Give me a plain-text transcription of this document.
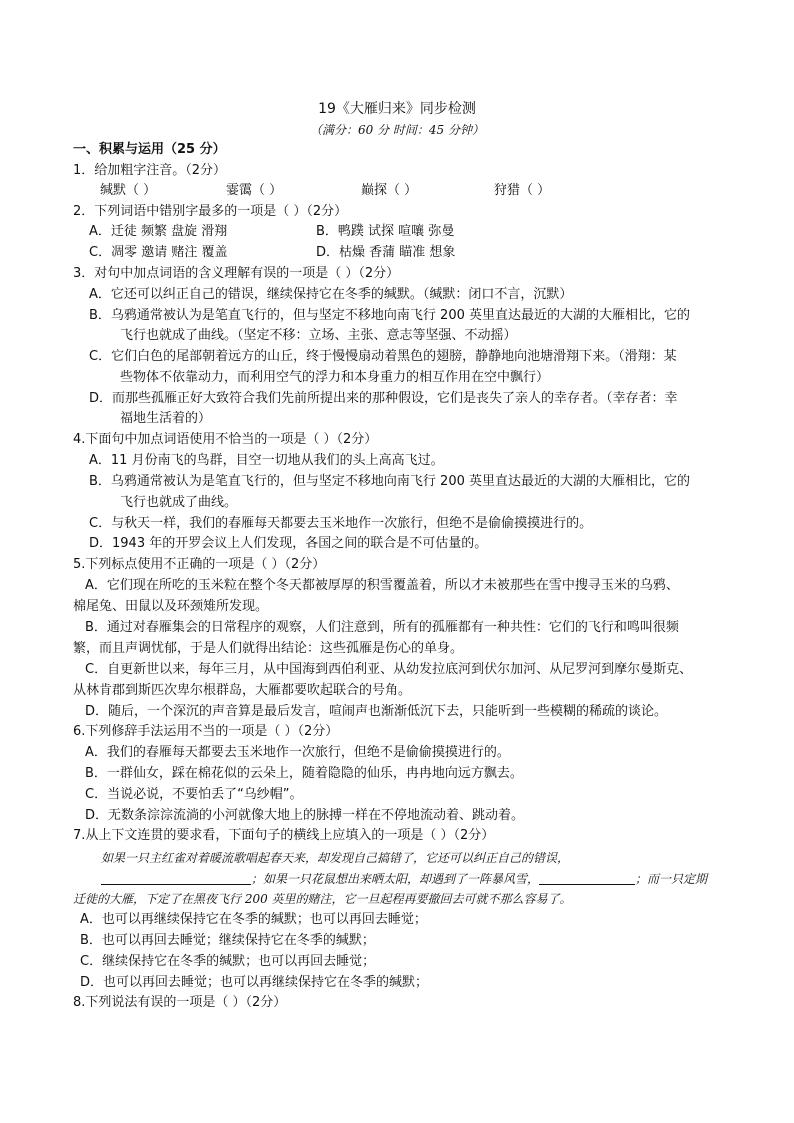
19《大雁归来》同步检测
（满分：60 分 时间：45 分钟）
一、积累与运用（25 分）
1．给加粗字注音。（2分）
缄默（ ）	霎霭（ ）	巅探（ ）	狩猎（ ）
2．下列词语中错别字最多的一项是（ ）（2分）
A．迁徒 频繁 盘旋 滑翔	B．鸭蹼 试探 喧嚷 弥曼
C．凋零 邀请 赌注 覆盖	D．枯燥 香蒲 瞄准 想象
3．对句中加点词语的含义理解有误的一项是（ ）（2分）
A．它还可以纠正自己的错误，继续保持它在冬季的缄默。（缄默：闭口不言，沉默）
B．乌鸦通常被认为是笔直飞行的，但与坚定不移地向南飞行 200 英里直达最近的大湖的大雁相比，它的
飞行也就成了曲线。（坚定不移：立场、主张、意志等坚强、不动摇）
C．它们白色的尾部朝着远方的山丘，终于慢慢扇动着黑色的翅膀，静静地向池塘滑翔下来。（滑翔：某
些物体不依靠动力，而利用空气的浮力和本身重力的相互作用在空中飘行）
D．而那些孤雁正好大致符合我们先前所提出来的那种假设，它们是丧失了亲人的幸存者。（幸存者：幸
福地生活着的）
4.下面句中加点词语使用不恰当的一项是（ ）（2分）
A．11 月份南飞的鸟群，目空一切地从我们的头上高高飞过。
B．乌鸦通常被认为是笔直飞行的，但与坚定不移地向南飞行 200 英里直达最近的大湖的大雁相比，它的
飞行也就成了曲线。
C．与秋天一样，我们的春雁每天都要去玉米地作一次旅行，但绝不是偷偷摸摸进行的。
D．1943 年的开罗会议上人们发现，各国之间的联合是不可估量的。
5.下列标点使用不正确的一项是（ ）（2分）
A．它们现在所吃的玉米粒在整个冬天都被厚厚的积雪覆盖着，所以才未被那些在雪中搜寻玉米的乌鸦、
棉尾兔、田鼠以及环颈雉所发现。
B．通过对春雁集会的日常程序的观察，人们注意到，所有的孤雁都有一种共性：它们的飞行和鸣叫很频
繁，而且声调忧郁，于是人们就得出结论：这些孤雁是伤心的单身。
C．自更新世以来，每年三月，从中国海到西伯利亚、从幼发拉底河到伏尔加河、从尼罗河到摩尔曼斯克、
从林肯郡到斯匹次卑尔根群岛，大雁都要吹起联合的号角。
D．随后，一个深沉的声音算是最后发言，喧闹声也渐渐低沉下去，只能听到一些模糊的稀疏的谈论。
6.下列修辞手法运用不当的一项是（ ）（2分）
A．我们的春雁每天都要去玉米地作一次旅行，但绝不是偷偷摸摸进行的。
B．一群仙女，踩在棉花似的云朵上，随着隐隐的仙乐，冉冉地向远方飘去。
C．当说必说，不要怕丢了“乌纱帽”。
D．无数条淙淙流淌的小河就像大地上的脉搏一样在不停地流动着、跳动着。
7.从上下文连贯的要求看，下面句子的横线上应填入的一项是（ ）（2分）
如果一只主红雀对着暖流歌唱起春天来，却发现自己搞错了，它还可以纠正自己的错误，
；如果一只花鼠想出来晒太阳，却遇到了一阵暴风雪，	；而一只定期
迁徙的大雁，下定了在黑夜飞行 200 英里的赌注，它一旦起程再要撤回去可就不那么容易了。
A．也可以再继续保持它在冬季的缄默；也可以再回去睡觉；
B．也可以再回去睡觉；继续保持它在冬季的缄默；
C．继续保持它在冬季的缄默；也可以再回去睡觉；
D．也可以再回去睡觉；也可以再继续保持它在冬季的缄默；
8.下列说法有误的一项是（ ）（2分）
